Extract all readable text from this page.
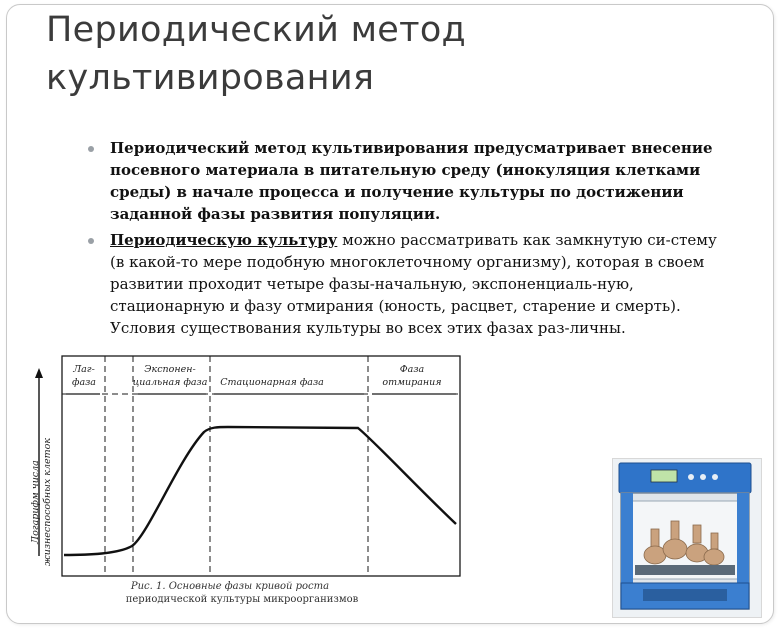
Периодический метод
культивирования
Периодический метод культивирования предусматривает внесение посевного материала в питательную среду (инокуляция клетками среды) в начале процесса и получение культуры по достижении заданной фазы развития популяции.
Периодическую культуру можно рассматривать как замкнутую си-стему (в какой-то мере подобную многоклеточному организму), которая в своем развитии проходит четыре фазы-начальную, экспоненциаль-ную, стационарную и фазу отмирания (юность, расцвет, старение и смерть). Условия существования культуры во всех этих фазах раз-личны.
Лаг-
фаза
Экспонен-
циальная фаза Стационарная фаза
Фаза
отмирания
Логарифм числа жизнеспособных клеток
Рис. 1. Основные фазы кривой роста
периодической культуры микроорганизмов
